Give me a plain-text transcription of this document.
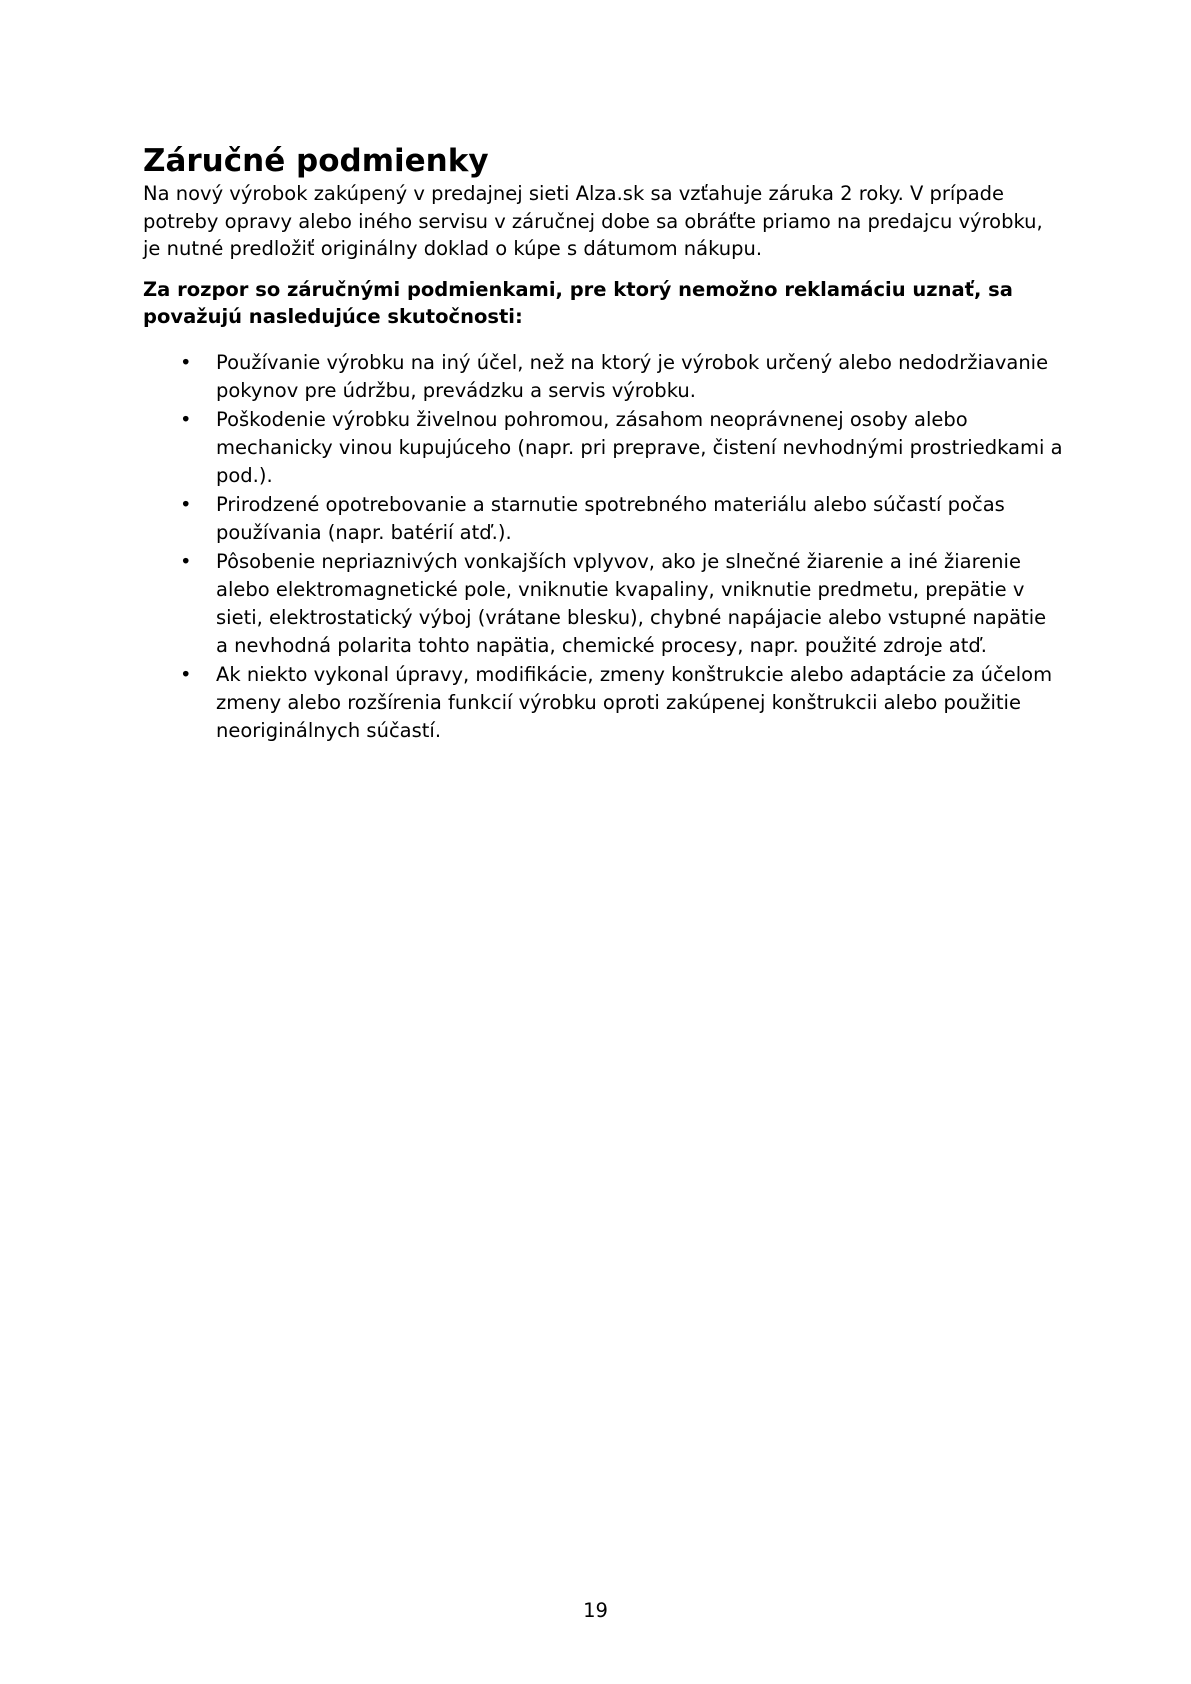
Záručné podmienky

Na nový výrobok zakúpený v predajnej sieti Alza.sk sa vzťahuje záruka 2 roky. V prípade potreby opravy alebo iného servisu v záručnej dobe sa obráťte priamo na predajcu výrobku, je nutné predložiť originálny doklad o kúpe s dátumom nákupu.

Za rozpor so záručnými podmienkami, pre ktorý nemožno reklamáciu uznať, sa považujú nasledujúce skutočnosti:

• Používanie výrobku na iný účel, než na ktorý je výrobok určený alebo nedodržiavanie pokynov pre údržbu, prevádzku a servis výrobku.
• Poškodenie výrobku živelnou pohromou, zásahom neoprávnenej osoby alebo mechanicky vinou kupujúceho (napr. pri preprave, čistení nevhodnými prostriedkami a pod.).
• Prirodzené opotrebovanie a starnutie spotrebného materiálu alebo súčastí počas používania (napr. batérií atď.).
• Pôsobenie nepriaznivých vonkajších vplyvov, ako je slnečné žiarenie a iné žiarenie alebo elektromagnetické pole, vniknutie kvapaliny, vniknutie predmetu, prepätie v sieti, elektrostatický výboj (vrátane blesku), chybné napájacie alebo vstupné napätie a nevhodná polarita tohto napätia, chemické procesy, napr. použité zdroje atď.
• Ak niekto vykonal úpravy, modifikácie, zmeny konštrukcie alebo adaptácie za účelom zmeny alebo rozšírenia funkcií výrobku oproti zakúpenej konštrukcii alebo použitie neoriginálnych súčastí.
19
